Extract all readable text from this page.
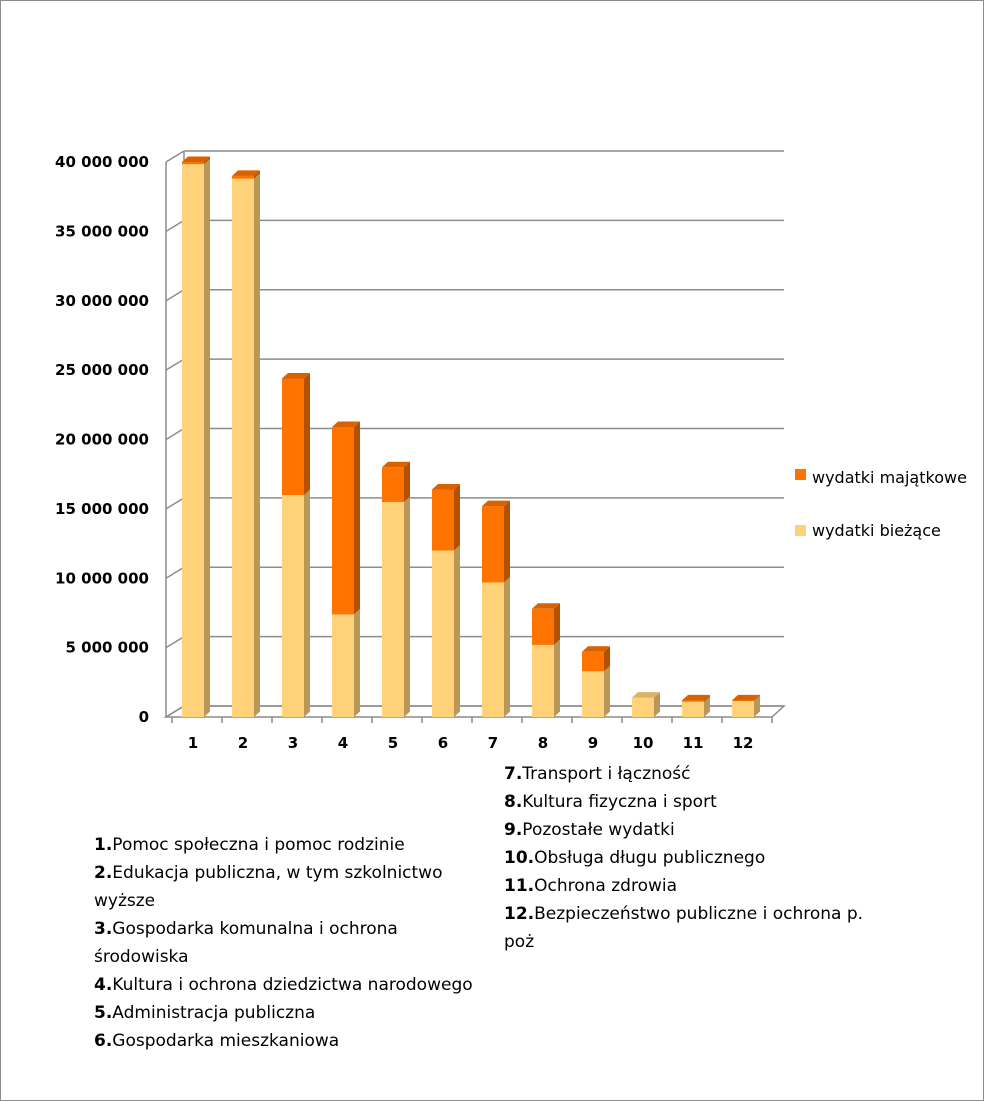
0
5 000 000
10 000 000
15 000 000
20 000 000
25 000 000
30 000 000
35 000 000
40 000 000
1	2	3	4	5	6	7	8	9 10 11 12
wydatki majątkowe
wydatki bieżące
1.Pomoc społeczna i pomoc rodzinie
2.Edukacja publiczna, w tym szkolnictwo wyższe
3.Gospodarka komunalna i ochrona środowiska
4.Kultura i ochrona dziedzictwa narodowego
5.Administracja publiczna
6.Gospodarka mieszkaniowa
7.Transport i łączność
8.Kultura fizyczna i sport
9.Pozostałe wydatki
10.Obsługa długu publicznego
11.Ochrona zdrowia
12.Bezpieczeństwo publiczne i ochrona p. poż
